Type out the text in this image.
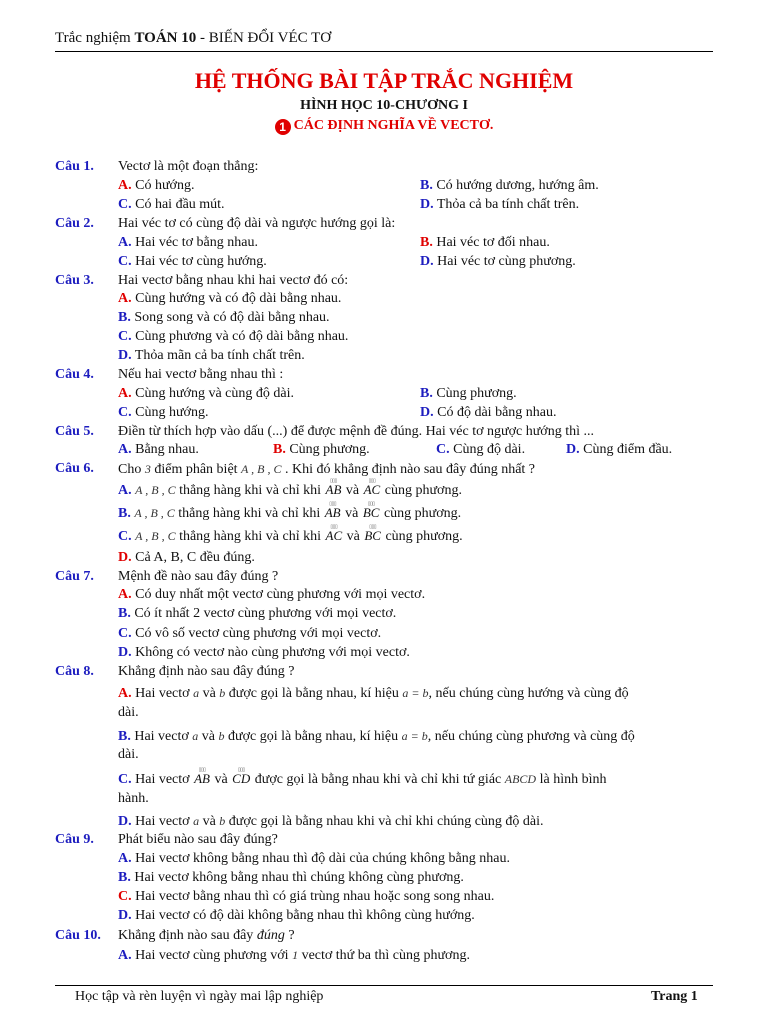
Trắc nghiệm TOÁN 10 - BIẾN ĐỔI VÉC TƠ
HỆ THỐNG BÀI TẬP TRẮC NGHIỆM
HÌNH HỌC 10-CHƯƠNG I
1 CÁC ĐỊNH NGHĨA VỀ VECTƠ.
Câu 1. Vectơ là một đoạn thẳng:
A. Có hướng.	B. Có hướng dương, hướng âm.
C. Có hai đầu mút.	D. Thỏa cả ba tính chất trên.
Câu 2. Hai véc tơ có cùng độ dài và ngược hướng gọi là:
A. Hai véc tơ bằng nhau.	B. Hai véc tơ đối nhau.
C. Hai véc tơ cùng hướng.	D. Hai véc tơ cùng phương.
Câu 3. Hai vectơ bằng nhau khi hai vectơ đó có:
A. Cùng hướng và có độ dài bằng nhau.
B. Song song và có độ dài bằng nhau.
C. Cùng phương và có độ dài bằng nhau.
D. Thỏa mãn cả ba tính chất trên.
Câu 4. Nếu hai vectơ bằng nhau thì :
A. Cùng hướng và cùng độ dài.	B. Cùng phương.
C. Cùng hướng.	D. Có độ dài bằng nhau.
Câu 5. Điền từ thích hợp vào dấu (...) để được mệnh đề đúng. Hai véc tơ ngược hướng thì ...
A. Bằng nhau.	B. Cùng phương.	C. Cùng độ dài.	D. Cùng điểm đầu.
Câu 6. Cho 3 điểm phân biệt A , B , C . Khi đó khẳng định nào sau đây đúng nhất ?
A. A , B , C thẳng hàng khi và chỉ khi ▯▯▯ AB và ▯▯▯ AC cùng phương.
B. A , B , C thẳng hàng khi và chỉ khi ▯▯▯ AB và ▯▯▯ BC cùng phương.
C. A , B , C thẳng hàng khi và chỉ khi ▯▯▯ AC và ▯▯▯ BC cùng phương.
D. Cả A, B, C đều đúng.
Câu 7. Mệnh đề nào sau đây đúng ?
A. Có duy nhất một vectơ cùng phương với mọi vectơ.
B. Có ít nhất 2 vectơ cùng phương với mọi vectơ.
C. Có vô số vectơ cùng phương với mọi vectơ.
D. Không có vectơ nào cùng phương với mọi vectơ.
Câu 8. Khẳng định nào sau đây đúng ?
A. Hai vectơ a và b được gọi là bằng nhau, kí hiệu a = b, nếu chúng cùng hướng và cùng độ
dài.
B. Hai vectơ a và b được gọi là bằng nhau, kí hiệu a = b, nếu chúng cùng phương và cùng độ
dài.
C. Hai vectơ ▯▯▯ AB và ▯▯▯ CD được gọi là bằng nhau khi và chỉ khi tứ giác ABCD là hình bình
hành.
D. Hai vectơ a và b được gọi là bằng nhau khi và chỉ khi chúng cùng độ dài.
Câu 9. Phát biểu nào sau đây đúng?
A. Hai vectơ không bằng nhau thì độ dài của chúng không bằng nhau.
B. Hai vectơ không bằng nhau thì chúng không cùng phương.
C. Hai vectơ bằng nhau thì có giá trùng nhau hoặc song song nhau.
D. Hai vectơ có độ dài không bằng nhau thì không cùng hướng.
Câu 10. Khẳng định nào sau đây đúng ?
A. Hai vectơ cùng phương với 1 vectơ thứ ba thì cùng phương.
Học tập và rèn luyện vì ngày mai lập nghiệp	Trang 1
